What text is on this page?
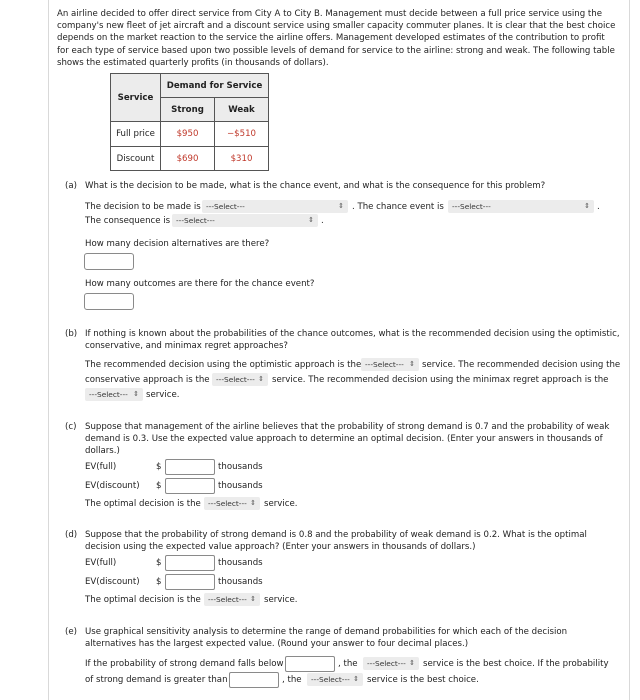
An airline decided to offer direct service from City A to City B. Management must decide between a full price service using the company's new fleet of jet aircraft and a discount service using smaller capacity commuter planes. It is clear that the best choice depends on the market reaction to the service the airline offers. Management developed estimates of the contribution to profit for each type of service based upon two possible levels of demand for service to the airline: strong and weak. The following table shows the estimated quarterly profits (in thousands of dollars).
Service	Demand for Service	
	Strong	Weak
Full price	$950	−$510
Discount	$690	$310
(a) What is the decision to be made, what is the chance event, and what is the consequence for this problem?
The decision to be made is ---Select---	⇕ . The chance event is	---Select---	⇕ .
The consequence is ---Select---	⇕ .
How many decision alternatives are there?
How many outcomes are there for the chance event?
(b) If nothing is known about the probabilities of the chance outcomes, what is the recommended decision using the optimistic, conservative, and minimax regret approaches?
The recommended decision using the optimistic approach is the ---Select--- ⇕ service. The recommended decision using the
conservative approach is the ---Select--- ⇕ service. The recommended decision using the minimax regret approach is the
---Select--- ⇕ service.
(c) Suppose that management of the airline believes that the probability of strong demand is 0.7 and the probability of weak demand is 0.3. Use the expected value approach to determine an optimal decision. (Enter your answers in thousands of dollars.)
EV(full)	$	thousands
EV(discount) $	thousands
The optimal decision is the ---Select--- ⇕ service.
(d) Suppose that the probability of strong demand is 0.8 and the probability of weak demand is 0.2. What is the optimal decision using the expected value approach? (Enter your answers in thousands of dollars.)
EV(full)	$	thousands
EV(discount) $	thousands
The optimal decision is the ---Select--- ⇕ service.
(e) Use graphical sensitivity analysis to determine the range of demand probabilities for which each of the decision alternatives has the largest expected value. (Round your answer to four decimal places.)
If the probability of strong demand falls below	, the	---Select--- ⇕ service is the best choice. If the probability
of strong demand is greater than	, the	---Select--- ⇕ service is the best choice.
